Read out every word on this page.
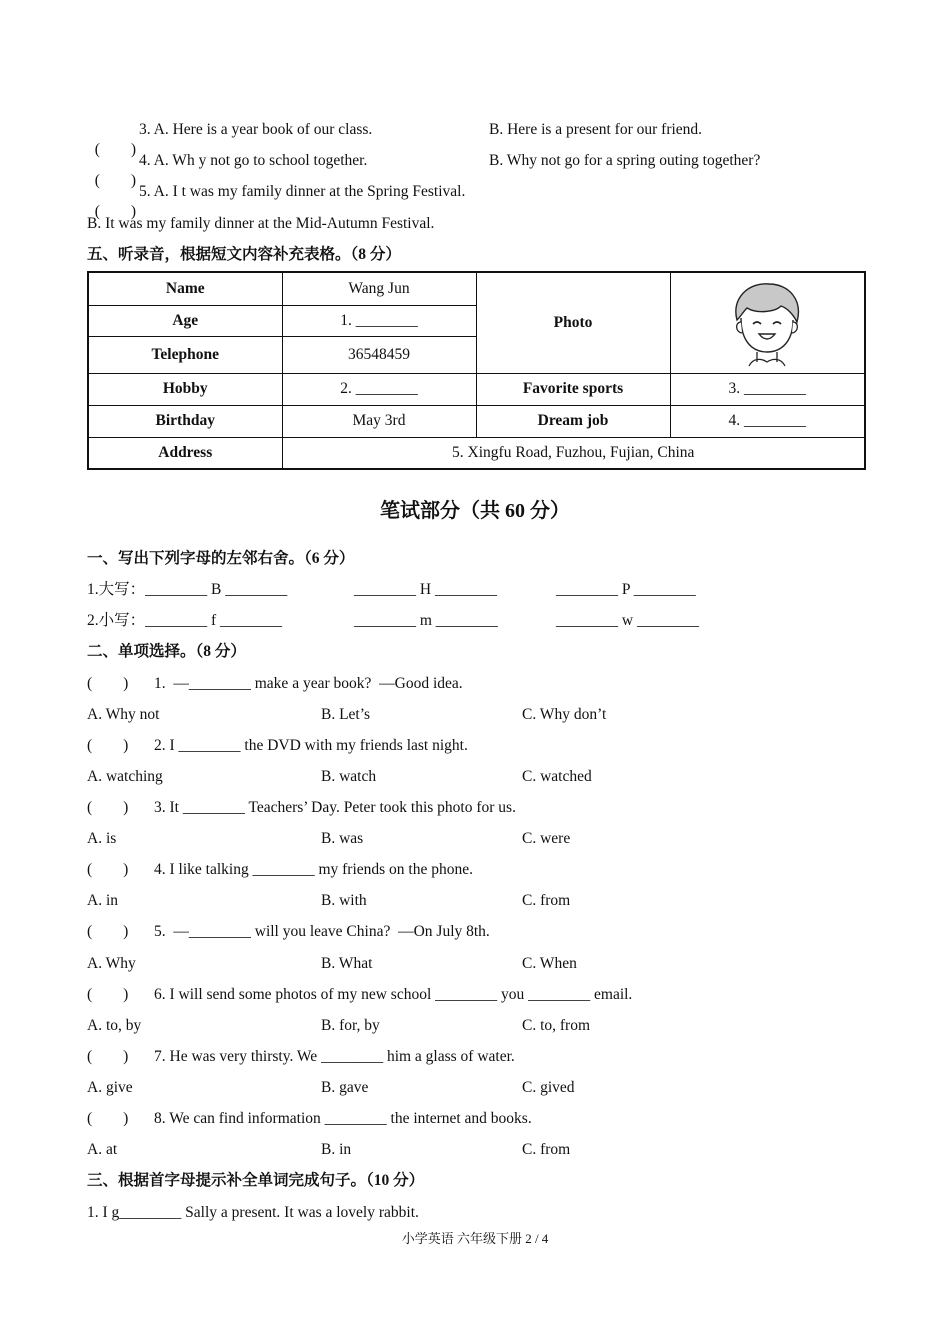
(        )

3. A. Here is a year book of our class.	B. Here is a present for our friend.

(        )

4. A. Wh y not go to school together.	B. Why not go for a spring outing together?

(        )

5. A. I t was my family dinner at the Spring Festival.
B. It was my family dinner at the Mid-Autumn Festival.
五、听录音，根据短文内容补充表格。（8 分）
Name	Wang Jun	Photo	

Age	1. ________		
Telephone	36548459		
Hobby	2. ________	Favorite sports	3. ________
Birthday	May 3rd	Dream job	4. ________
Address	5. Xingfu Road, Fuzhou, Fujian, China		
笔试部分（共 60 分）
一、写出下列字母的左邻右舍。（6 分）
1.大写：________ B ________	________ H ________	________ P ________
2.小写：________ f ________	________ m ________	________ w ________
二、单项选择。（8 分）
(        ) 1.  —________ make a year book?  —Good idea.
A. Why not	B. Let’s	C. Why don’t
(        ) 2. I ________ the DVD with my friends last night.
A. watching	B. watch	C. watched
(        ) 3. It ________ Teachers’ Day. Peter took this photo for us.
A. is	B. was	C. were
(        ) 4. I like talking ________ my friends on the phone.
A. in	B. with	C. from
(        ) 5.  —________ will you leave China?  —On July 8th.
A. Why	B. What	C. When
(        ) 6. I will send some photos of my new school ________ you ________ email.
A. to, by	B. for, by	C. to, from
(        ) 7. He was very thirsty. We ________ him a glass of water.
A. give	B. gave	C. gived
(        ) 8. We can find information ________ the internet and books.
A. at	B. in	C. from
三、根据首字母提示补全单词完成句子。（10 分）
1. I g________ Sally a present. It was a lovely rabbit.
小学英语 六年级下册 2 / 4
